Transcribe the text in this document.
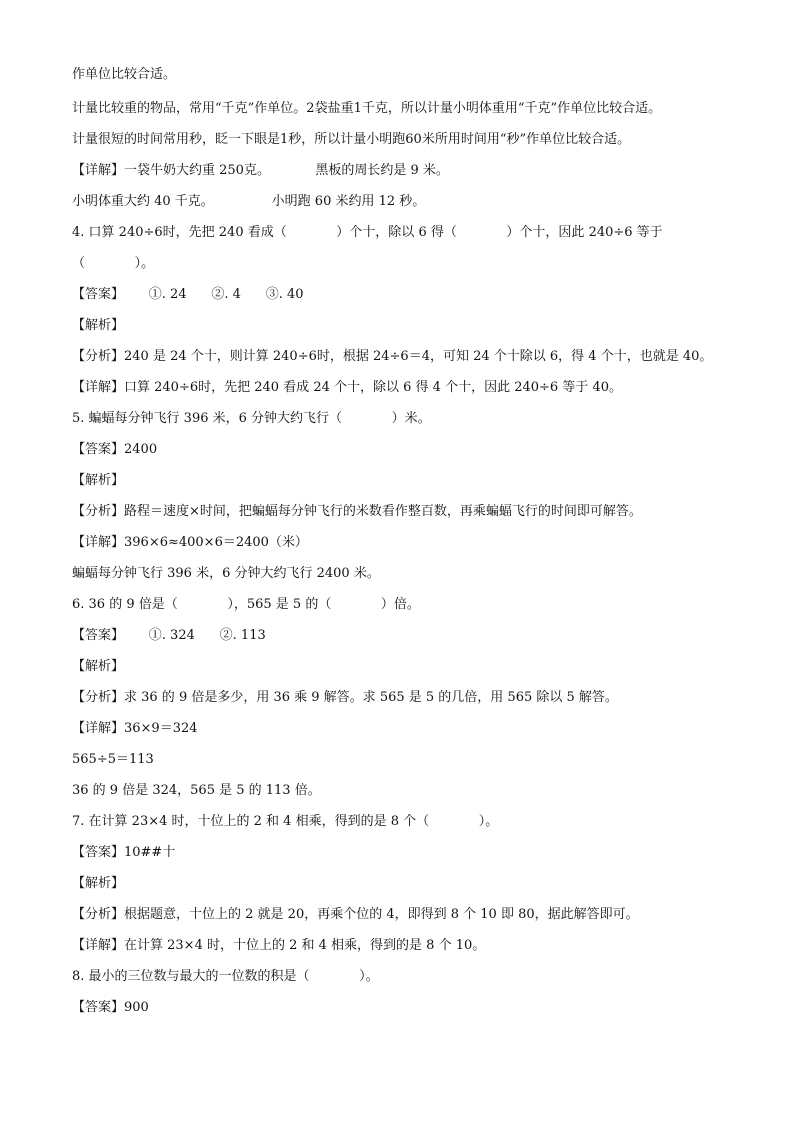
作单位比较合适。
计量比较重的物品，常用“千克”作单位。2袋盐重1千克，所以计量小明体重用“千克”作单位比较合适。
计量很短的时间常用秒，眨一下眼是1秒，所以计量小明跑60米所用时间用“秒”作单位比较合适。
【详解】一袋牛奶大约重 250克。           黑板的周长约是 9 米。
小明体重大约 40 千克。              小明跑 60 米约用 12 秒。
4. 口算 240÷6时，先把 240 看成（            ）个十，除以 6 得（            ）个十，因此 240÷6 等于
（            ）。
【答案】      ①. 24      ②. 4      ③. 40
【解析】
【分析】240 是 24 个十，则计算 240÷6时，根据 24÷6＝4，可知 24 个十除以 6，得 4 个十，也就是 40。
【详解】口算 240÷6时，先把 240 看成 24 个十，除以 6 得 4 个十，因此 240÷6 等于 40。
5. 蝙蝠每分钟飞行 396 米，6 分钟大约飞行（            ）米。
【答案】2400
【解析】
【分析】路程＝速度×时间，把蝙蝠每分钟飞行的米数看作整百数，再乘蝙蝠飞行的时间即可解答。
【详解】396×6≈400×6＝2400（米）
蝙蝠每分钟飞行 396 米，6 分钟大约飞行 2400 米。
6. 36 的 9 倍是（            ），565 是 5 的（            ）倍。
【答案】      ①. 324      ②. 113
【解析】
【分析】求 36 的 9 倍是多少，用 36 乘 9 解答。求 565 是 5 的几倍，用 565 除以 5 解答。
【详解】36×9＝324
565÷5＝113
36 的 9 倍是 324，565 是 5 的 113 倍。
7. 在计算 23×4 时，十位上的 2 和 4 相乘，得到的是 8 个（            ）。
【答案】10##十
【解析】
【分析】根据题意，十位上的 2 就是 20，再乘个位的 4，即得到 8 个 10 即 80，据此解答即可。
【详解】在计算 23×4 时，十位上的 2 和 4 相乘，得到的是 8 个 10。
8. 最小的三位数与最大的一位数的积是（            ）。
【答案】900
